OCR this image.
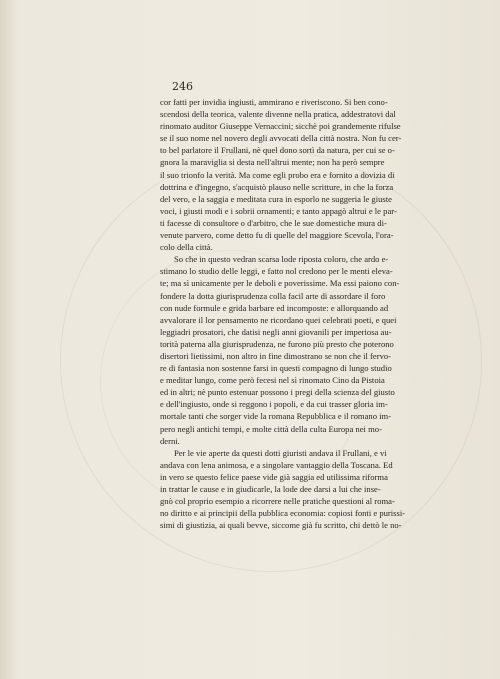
246
cor fatti per invidia ingiusti, ammirano e riveriscono. Si ben cono-
scendosi della teorica, valente divenne nella pratica, addestratovi dal
rinomato auditor Giuseppe Vernaccini; sicchè poi grandemente rifulse
se il suo nome nel novero degli avvocati della città nostra. Non fu cer-
to bel parlatore il Frullani, nè quel dono sortì da natura, per cui se o-
gnora la maraviglia si desta nell'altrui mente; non ha però sempre
il suo trionfo la verità. Ma come egli probo era e fornito a dovizia di
dottrina e d'ingegno, s'acquistò plauso nelle scritture, in che la forza
del vero, e la saggia e meditata cura in esporlo ne suggeria le giuste
voci, i giusti modi e i sobrii ornamenti; e tanto appagò altrui e le par-
ti facesse di consultore o d'arbitro, che le sue domestiche mura di-
venute parvero, come detto fu di quelle del maggiore Scevola, l'ora-
colo della città.
So che in questo vedran scarsa lode riposta coloro, che ardo e-
stimano lo studio delle leggi, e fatto nol credono per le menti eleva-
te; ma sì unicamente per le deboli e poverissime. Ma essi paiono con-
fondere la dotta giurisprudenza colla facil arte di assordare il foro
con nude formule e grida barbare ed incomposte: e allorquando ad
avvalorare il lor pensamento ne ricordano quei celebrati poeti, e quei
leggiadri prosatori, che datisi negli anni giovanili per imperiosa au-
torità paterna alla giurisprudenza, ne furono più presto che poterono
disertori lietissimi, non altro in fine dimostrano se non che il fervo-
re di fantasia non sostenne farsi in questi compagno di lungo studio
e meditar lungo, come però fecesi nel sì rinomato Cino da Pistoia
ed in altri; nè punto estenuar possono i pregi della scienza del giusto
e dell'ingiusto, onde si reggono i popoli, e da cui trasser gloria im-
mortale tanti che sorger vide la romana Repubblica e il romano im-
pero negli antichi tempi, e molte città della culta Europa nei mo-
derni.
Per le vie aperte da questi dotti giuristi andava il Frullani, e vi
andava con lena animosa, e a singolare vantaggio della Toscana. Ed
in vero se questo felice paese vide già saggia ed utilissima riforma
in trattar le cause e in giudicarle, la lode dee darsi a lui che inse-
gnò col proprio esempio a ricorrere nelle pratiche questioni al roma-
no diritto e ai principii della pubblica economia: copiosi fonti e purissi-
simi di giustizia, ai quali bevve, siccome già fu scritto, chi dettò le no-
